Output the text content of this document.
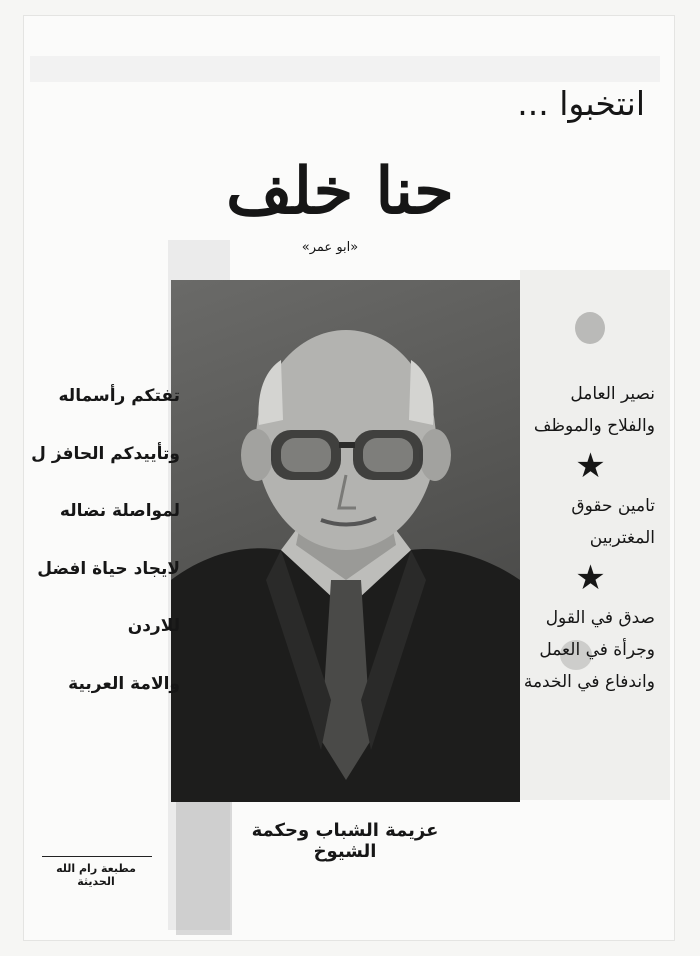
انتخبوا ...
حنا خلف
«ابو عمر»
تفتكم رأسماله
وتأييدكم الحافز ل
لمواصلة نضاله
لايجاد حياة افضل
للاردن
والامة العربية
نصير العامل
والفلاح والموظف
★
تامين حقوق
المغتربين
★
صدق في القول
وجرأة في العمل
واندفاع في الخدمة
عزيمة الشباب وحكمة الشيوخ
مطبعة رام الله الحديثة
